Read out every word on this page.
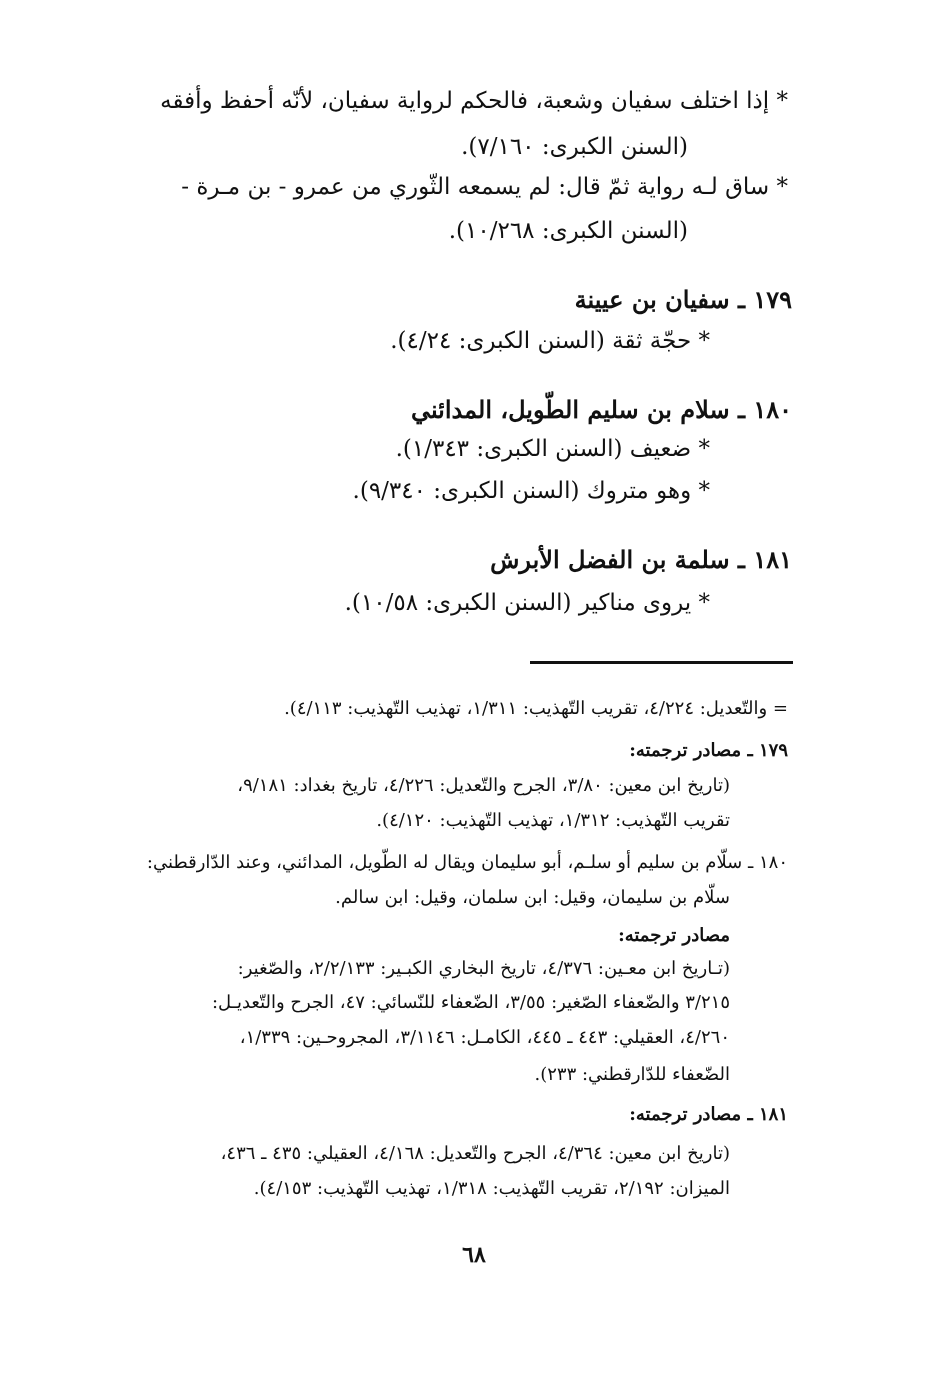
* إذا اختلف سفيان وشعبة، فالحكم لرواية سفيان، لأنّه أحفظ وأفقه
(السنن الكبرى: ٧/١٦٠).
* ساق لـه رواية ثمّ قال: لم يسمعه الثّوري من عمرو - بن مـرة -
(السنن الكبرى: ١٠/٢٦٨).
١٧٩ ـ سفيان بن عيينة
* حجّة ثقة (السنن الكبرى: ٤/٢٤).
١٨٠ ـ سلام بن سليم الطّويل، المدائني
* ضعيف (السنن الكبرى: ١/٣٤٣).
* وهو متروك (السنن الكبرى: ٩/٣٤٠).
١٨١ ـ سلمة بن الفضل الأبرش
* يروى مناكير (السنن الكبرى: ١٠/٥٨).
= والتّعديل: ٤/٢٢٤، تقريب التّهذيب: ١/٣١١، تهذيب التّهذيب: ٤/١١٣).
١٧٩ ـ مصادر ترجمته:
(تاريخ ابن معين: ٣/٨٠، الجرح والتّعديل: ٤/٢٢٦، تاريخ بغداد: ٩/١٨١،
تقريب التّهذيب: ١/٣١٢، تهذيب التّهذيب: ٤/١٢٠).
١٨٠ ـ سلّام بن سليم أو سلـم، أبو سليمان ويقال له الطّويل، المدائني، وعند الدّارقطني:
سلّام بن سليمان، وقيل: ابن سلمان، وقيل: ابن سالم.
مصادر ترجمته:
(تـاريخ ابن معـين: ٤/٣٧٦، تاريخ البخاري الكبـير: ٢/٢/١٣٣، والصّغير:
٣/٢١٥ والضّعفاء الصّغير: ٣/٥٥، الضّعفاء للنّسائي: ٤٧، الجرح والتّعديـل:
٤/٢٦٠، العقيلي: ٤٤٣ ـ ٤٤٥، الكامـل: ٣/١١٤٦، المجروحـين: ١/٣٣٩،
الضّعفاء للدّارقطني: ٢٣٣).
١٨١ ـ مصادر ترجمته:
(تاريخ ابن معين: ٤/٣٦٤، الجرح والتّعديل: ٤/١٦٨، العقيلي: ٤٣٥ ـ ٤٣٦،
الميزان: ٢/١٩٢، تقريب التّهذيب: ١/٣١٨، تهذيب التّهذيب: ٤/١٥٣).
٦٨
